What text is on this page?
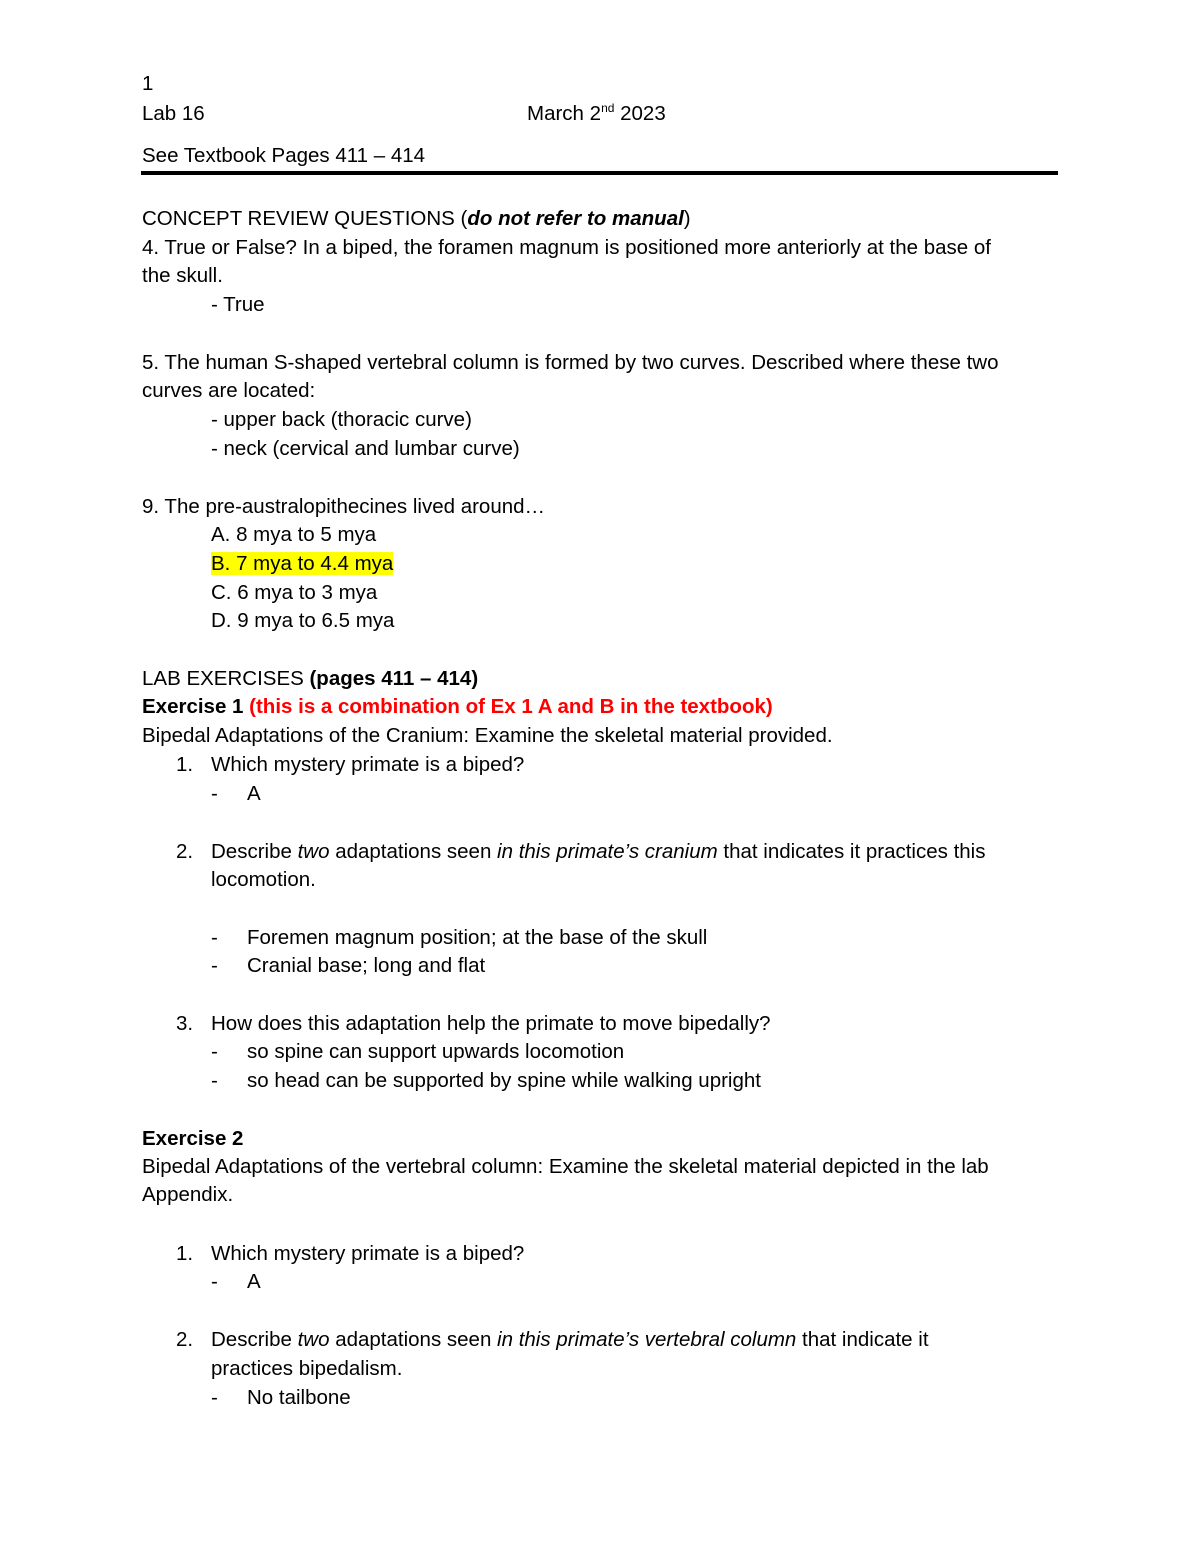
1
Lab 16	March 2nd 2023
See Textbook Pages 411 – 414
CONCEPT REVIEW QUESTIONS (do not refer to manual)
4. True or False? In a biped, the foramen magnum is positioned more anteriorly at the base of
the skull.
- True
5. The human S-shaped vertebral column is formed by two curves. Described where these two
curves are located:
- upper back (thoracic curve)
- neck (cervical and lumbar curve)
9. The pre-australopithecines lived around…
A. 8 mya to 5 mya
B. 7 mya to 4.4 mya
C. 6 mya to 3 mya
D. 9 mya to 6.5 mya
LAB EXERCISES (pages 411 – 414)
Exercise 1 (this is a combination of Ex 1 A and B in the textbook)
Bipedal Adaptations of the Cranium: Examine the skeletal material provided.
1. Which mystery primate is a biped?
- A
2. Describe two adaptations seen in this primate’s cranium that indicates it practices this
locomotion.
- Foremen magnum position; at the base of the skull
- Cranial base; long and flat
3. How does this adaptation help the primate to move bipedally?
- so spine can support upwards locomotion
- so head can be supported by spine while walking upright
Exercise 2
Bipedal Adaptations of the vertebral column: Examine the skeletal material depicted in the lab
Appendix.
1. Which mystery primate is a biped?
- A
2. Describe two adaptations seen in this primate’s vertebral column that indicate it
practices bipedalism.
- No tailbone
